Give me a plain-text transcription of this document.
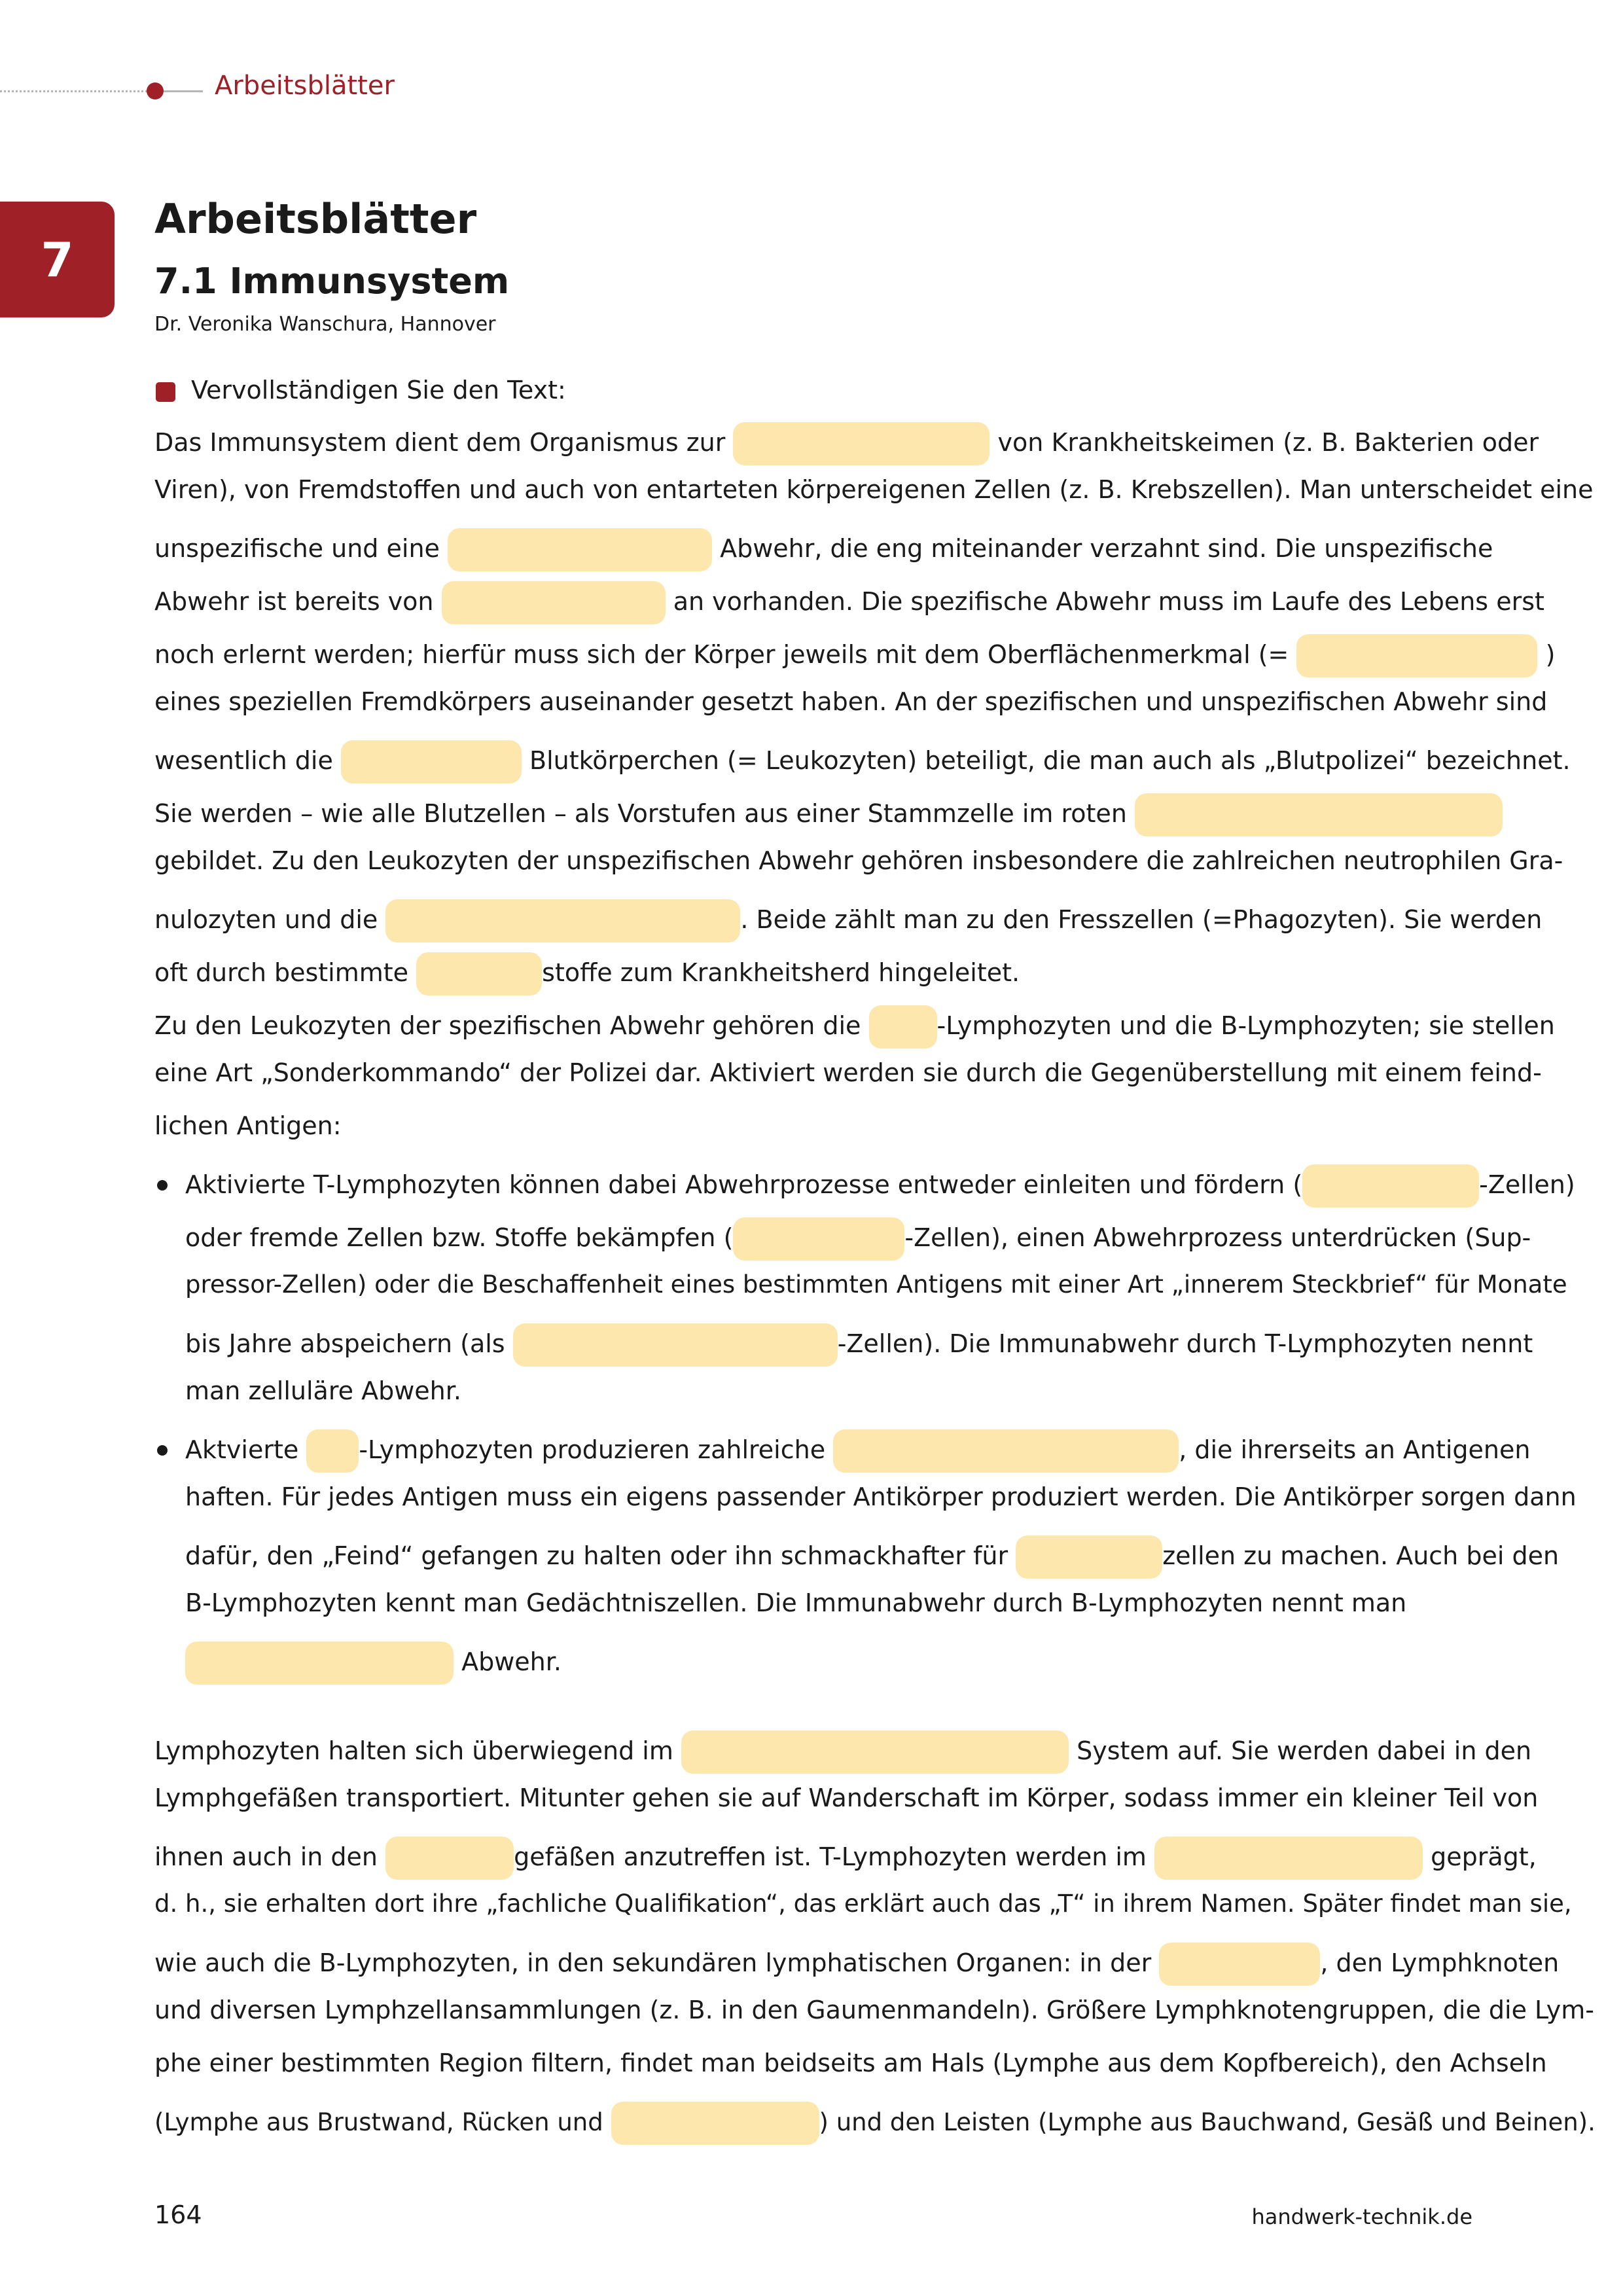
Arbeitsblätter
7
Arbeitsblätter
7.1 Immunsystem
Dr. Veronika Wanschura, Hannover
Vervollständigen Sie den Text:
Das Immunsystem dient dem Organismus zur	von Krankheitskeimen (z. B. Bakterien oder
Viren), von Fremdstoffen und auch von entarteten körpereigenen Zellen (z. B. Krebszellen). Man unterscheidet eine
unspezifische und eine	Abwehr, die eng miteinander verzahnt sind. Die unspezifische
Abwehr ist bereits von	an vorhanden. Die spezifische Abwehr muss im Laufe des Lebens erst
noch erlernt werden; hierfür muss sich der Körper jeweils mit dem Oberflächenmerkmal (=	)
eines speziellen Fremdkörpers auseinander gesetzt haben. An der spezifischen und unspezifischen Abwehr sind
wesentlich die	Blutkörperchen (= Leukozyten) beteiligt, die man auch als „Blutpolizei“ bezeichnet.
Sie werden – wie alle Blutzellen – als Vorstufen aus einer Stammzelle im roten
gebildet. Zu den Leukozyten der unspezifischen Abwehr gehören insbesondere die zahlreichen neutrophilen Gra-
nulozyten und die	. Beide zählt man zu den Fresszellen (=Phagozyten). Sie werden
oft durch bestimmte	stoffe zum Krankheitsherd hingeleitet.
Zu den Leukozyten der spezifischen Abwehr gehören die	-Lymphozyten und die B-Lymphozyten; sie stellen
eine Art „Sonderkommando“ der Polizei dar. Aktiviert werden sie durch die Gegenüberstellung mit einem feind-
lichen Antigen:
Aktivierte T-Lymphozyten können dabei Abwehrprozesse entweder einleiten und fördern (	-Zellen)
oder fremde Zellen bzw. Stoffe bekämpfen (	-Zellen), einen Abwehrprozess unterdrücken (Sup-
pressor-Zellen) oder die Beschaffenheit eines bestimmten Antigens mit einer Art „innerem Steckbrief“ für Monate
bis Jahre abspeichern (als	-Zellen). Die Immunabwehr durch T-Lymphozyten nennt
man zelluläre Abwehr.
Aktvierte -Lymphozyten produzieren zahlreiche	, die ihrerseits an Antigenen
haften. Für jedes Antigen muss ein eigens passender Antikörper produziert werden. Die Antikörper sorgen dann
dafür, den „Feind“ gefangen zu halten oder ihn schmackhafter für	zellen zu machen. Auch bei den
B-Lymphozyten kennt man Gedächtniszellen. Die Immunabwehr durch B-Lymphozyten nennt man
Abwehr.
Lymphozyten halten sich überwiegend im	System auf. Sie werden dabei in den
Lymphgefäßen transportiert. Mitunter gehen sie auf Wanderschaft im Körper, sodass immer ein kleiner Teil von
ihnen auch in den	gefäßen anzutreffen ist. T-Lymphozyten werden im	geprägt,
d. h., sie erhalten dort ihre „fachliche Qualifikation“, das erklärt auch das „T“ in ihrem Namen. Später findet man sie,
wie auch die B-Lymphozyten, in den sekundären lymphatischen Organen: in der	, den Lymphknoten
und diversen Lymphzellansammlungen (z. B. in den Gaumenmandeln). Größere Lymphknotengruppen, die die Lym-
phe einer bestimmten Region filtern, findet man beidseits am Hals (Lymphe aus dem Kopfbereich), den Achseln
(Lymphe aus Brustwand, Rücken und	) und den Leisten (Lymphe aus Bauchwand, Gesäß und Beinen).
164	handwerk-technik.de
